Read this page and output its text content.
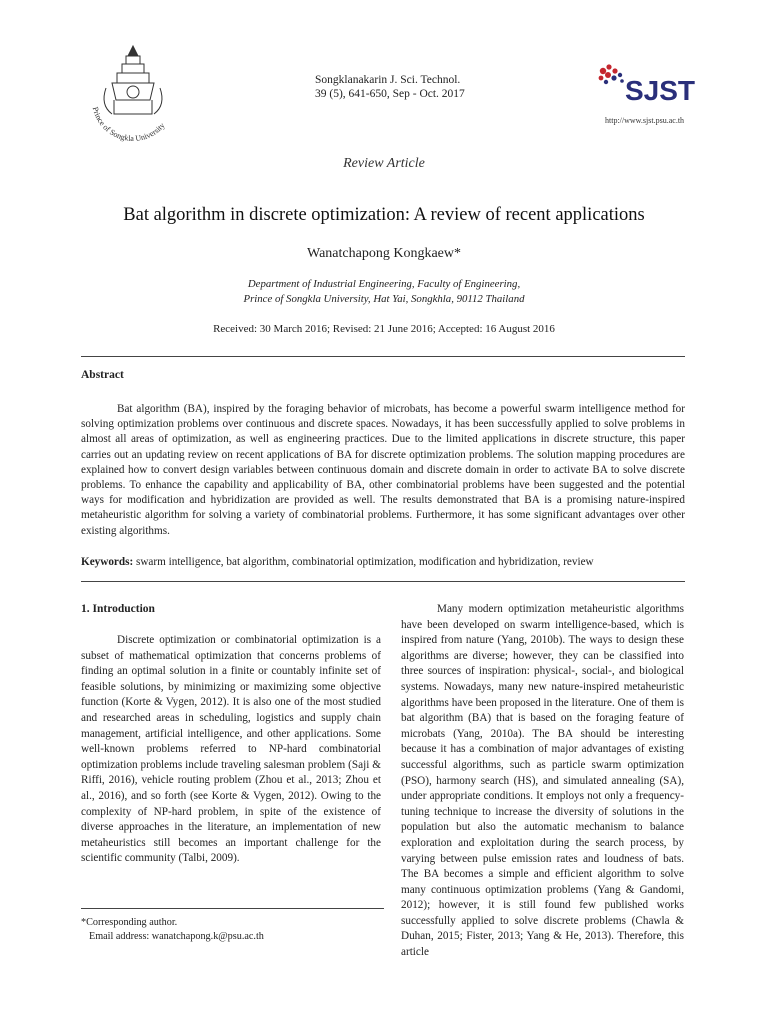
Prince of Songkla University
Songklanakarin J. Sci. Technol.
39 (5), 641-650, Sep - Oct. 2017	SJST
http://www.sjst.psu.ac.th
Review Article
Bat algorithm in discrete optimization: A review of recent applications
Wanatchapong Kongkaew*
Department of Industrial Engineering, Faculty of Engineering,
Prince of Songkla University, Hat Yai, Songkhla, 90112 Thailand
Received: 30 March 2016; Revised: 21 June 2016; Accepted: 16 August 2016
Abstract

Bat algorithm (BA), inspired by the foraging behavior of microbats, has become a powerful swarm intelligence method for solving optimization problems over continuous and discrete spaces. Nowadays, it has been successfully applied to solve problems in almost all areas of optimization, as well as engineering practices. Due to the limited applications in discrete structure, this paper carries out an updating review on recent applications of BA for discrete optimization problems. The solution mapping procedures are explained how to convert design variables between continuous domain and discrete domain in order to activate BA to solve discrete problems. To enhance the capability and applicability of BA, other combinatorial problems have been suggested and the potential ways for modification and hybridization are provided as well. The results demonstrated that BA is a promising nature-inspired metaheuristic algorithm for solving a variety of combinatorial problems. Furthermore, it has some significant advantages over other existing algorithms.

Keywords: swarm intelligence, bat algorithm, combinatorial optimization, modification and hybridization, review
1. Introduction

Discrete optimization or combinatorial optimization is a subset of mathematical optimization that concerns problems of finding an optimal solution in a finite or countably infinite set of feasible solutions, by minimizing or maximizing some objective function (Korte & Vygen, 2012). It is also one of the most studied and researched areas in scheduling, logistics and supply chain management, artificial intelligence, and other applications. Some well-known problems referred to NP-hard combinatorial optimization problems include traveling salesman problem (Saji & Riffi, 2016), vehicle routing problem (Zhou et al., 2013; Zhou et al., 2016), and so forth (see Korte & Vygen, 2012). Owing to the complexity of NP-hard problem, in spite of the existence of diverse approaches in the literature, an implementation of new metaheuristics still becomes an important challenge for the scientific community (Talbi, 2009).

Many modern optimization metaheuristic algorithms have been developed on swarm intelligence-based, which is inspired from nature (Yang, 2010b). The ways to design these algorithms are diverse; however, they can be classified into three sources of inspiration: physical-, social-, and biological systems. Nowadays, many new nature-inspired metaheuristic algorithms have been proposed in the literature. One of them is bat algorithm (BA) that is based on the foraging feature of microbats (Yang, 2010a). The BA should be interesting because it has a combination of major advantages of existing successful algorithms, such as particle swarm optimization (PSO), harmony search (HS), and simulated annealing (SA), under appropriate conditions. It employs not only a frequency-tuning technique to increase the diversity of solutions in the population but also the automatic mechanism to balance exploration and exploitation during the search process, by varying between pulse emission rates and loudness of bats. The BA becomes a simple and efficient algorithm to solve many continuous optimization problems (Yang & Gandomi, 2012); however, it is still found few published works successfully applied to solve discrete problems (Chawla & Duhan, 2015; Fister, 2013; Yang & He, 2013). Therefore, this article

*Corresponding author.
Email address: wanatchapong.k@psu.ac.th
